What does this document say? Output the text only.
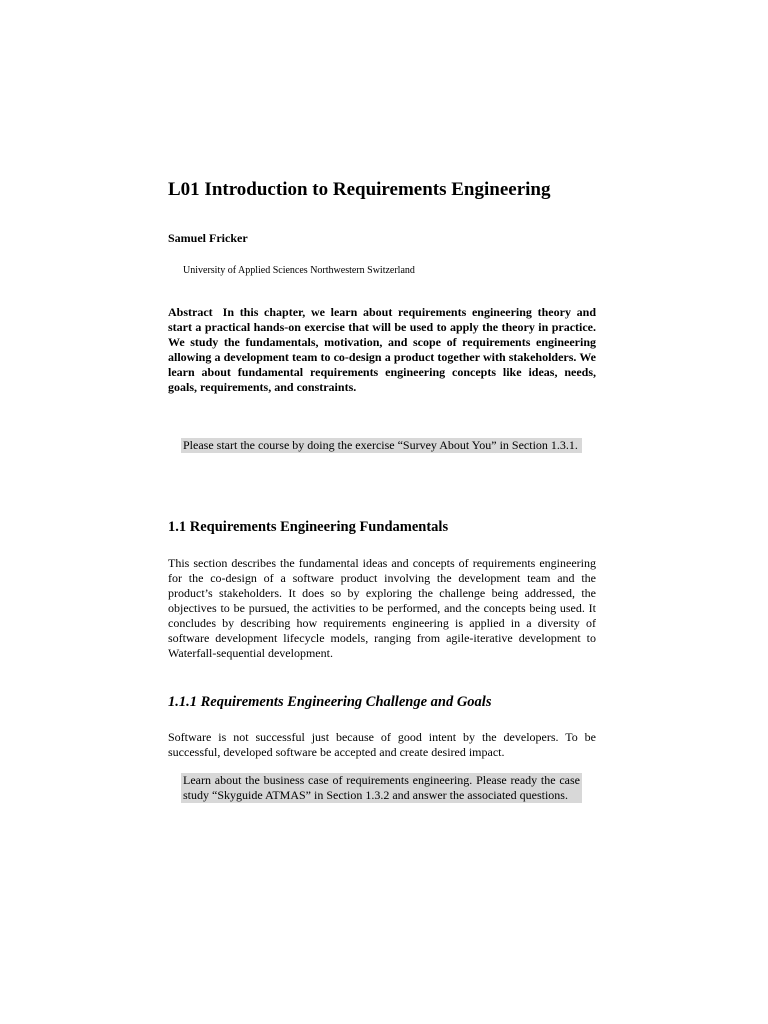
L01 Introduction to Requirements Engineering

Samuel Fricker

University of Applied Sciences Northwestern Switzerland

Abstract In this chapter, we learn about requirements engineering theory and start a practical hands-on exercise that will be used to apply the theory in practice. We study the fundamentals, motivation, and scope of requirements engineering allowing a development team to co-design a product together with stakeholders. We learn about fundamental requirements engineering concepts like ideas, needs, goals, requirements, and constraints.

Please start the course by doing the exercise “Survey About You” in Section 1.3.1.

1.1 Requirements Engineering Fundamentals

This section describes the fundamental ideas and concepts of requirements engineering for the co-design of a software product involving the development team and the product’s stakeholders. It does so by exploring the challenge being addressed, the objectives to be pursued, the activities to be performed, and the concepts being used. It concludes by describing how requirements engineering is applied in a diversity of software development lifecycle models, ranging from agile-iterative development to Waterfall-sequential development.

1.1.1 Requirements Engineering Challenge and Goals

Software is not successful just because of good intent by the developers. To be successful, developed software be accepted and create desired impact.

Learn about the business case of requirements engineering. Please ready the case study “Skyguide ATMAS” in Section 1.3.2 and answer the associated questions.
